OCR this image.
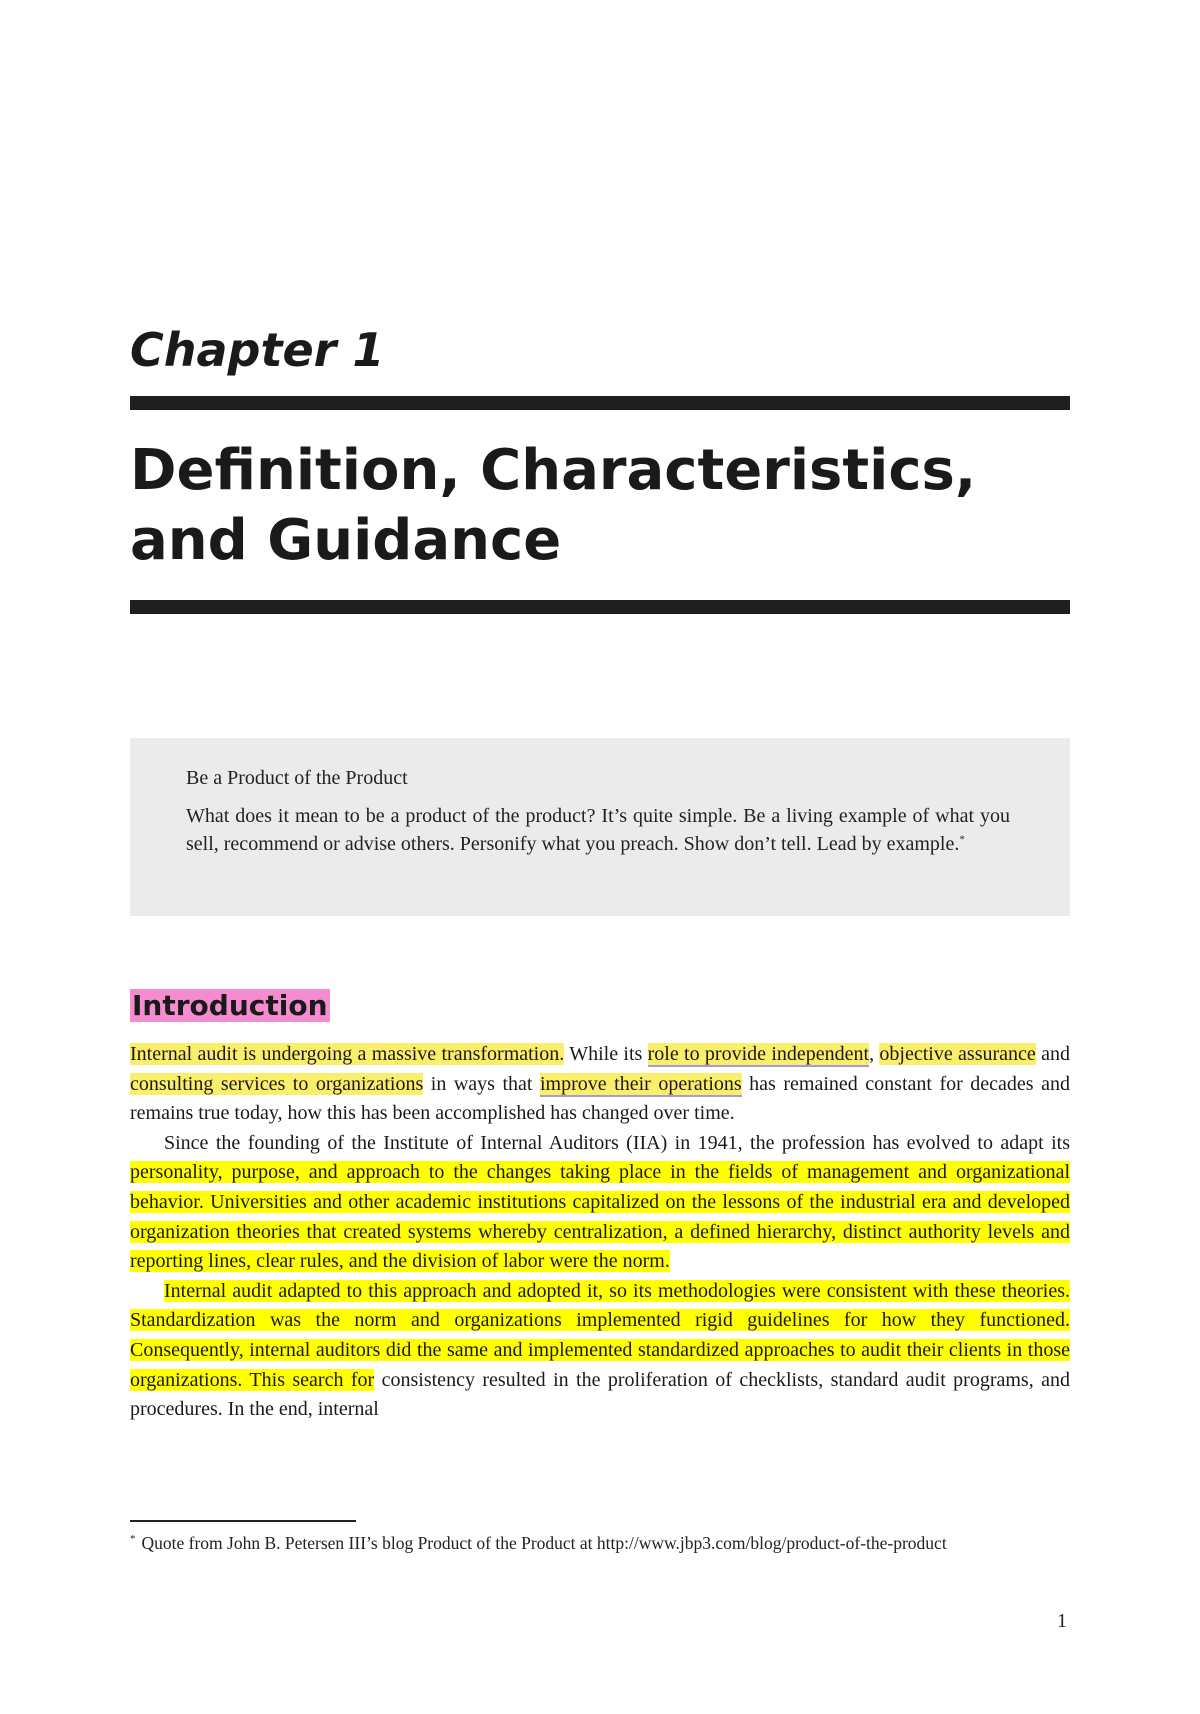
Chapter 1
Definition, Characteristics,
and Guidance

Be a Product of the Product

What does it mean to be a product of the product? It’s quite simple. Be a living example of what you sell, recommend or advise others. Personify what you preach. Show don’t tell. Lead by example.*

Introduction

Internal audit is undergoing a massive transformation. While its role to provide independent, objective assurance and consulting services to organizations in ways that improve their operations has remained constant for decades and remains true today, how this has been accomplished has changed over time.

Since the founding of the Institute of Internal Auditors (IIA) in 1941, the profession has evolved to adapt its personality, purpose, and approach to the changes taking place in the fields of management and organizational behavior. Universities and other academic institutions capitalized on the lessons of the industrial era and developed organization theories that created systems whereby centralization, a defined hierarchy, distinct authority levels and reporting lines, clear rules, and the division of labor were the norm.

Internal audit adapted to this approach and adopted it, so its methodologies were consistent with these theories. Standardization was the norm and organizations implemented rigid guidelines for how they functioned. Consequently, internal auditors did the same and implemented standardized approaches to audit their clients in those organizations. This search for consistency resulted in the proliferation of checklists, standard audit programs, and procedures. In the end, internal

* Quote from John B. Petersen III’s blog Product of the Product at http://www.jbp3.com/blog/product-of-the-product

1
